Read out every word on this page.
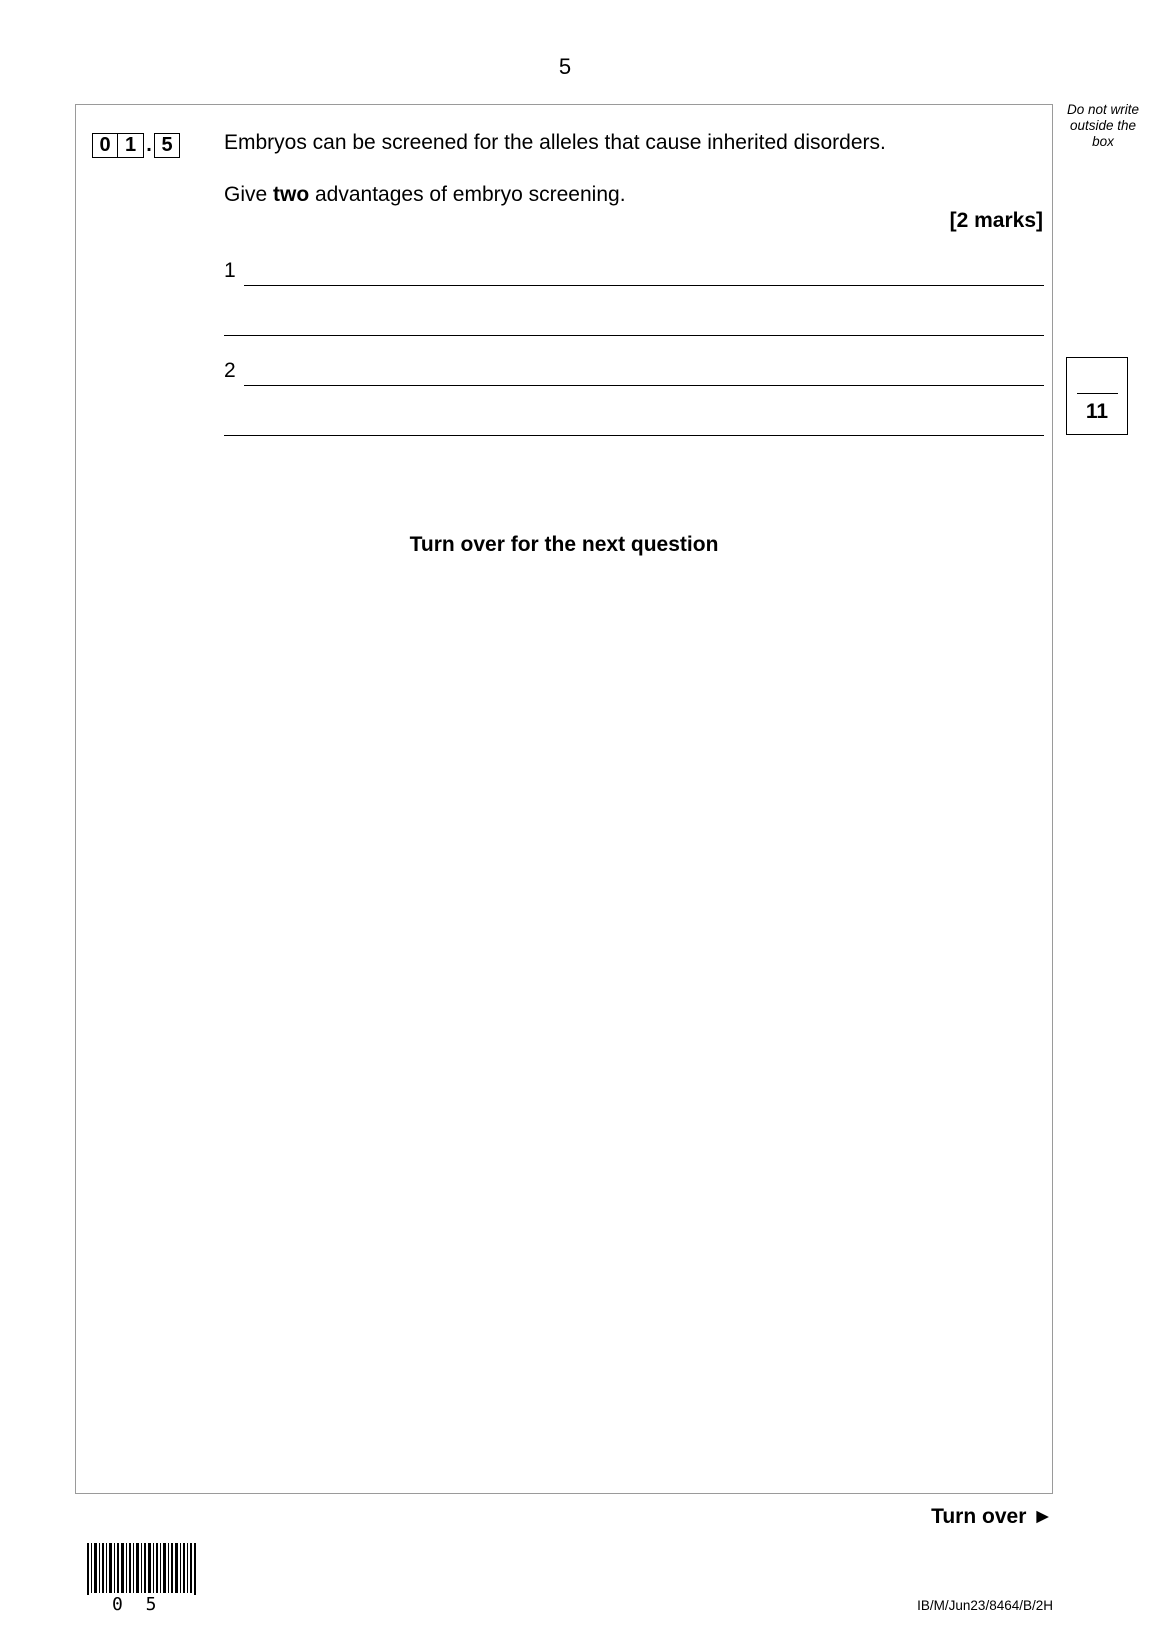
5
Do not write
outside the
box
0 1 . 5	Embryos can be screened for the alleles that cause inherited disorders.
Give two advantages of embryo screening.
[2 marks]
1
2
11
Turn over for the next question
Turn over ►
0 5	IB/M/Jun23/8464/B/2H
